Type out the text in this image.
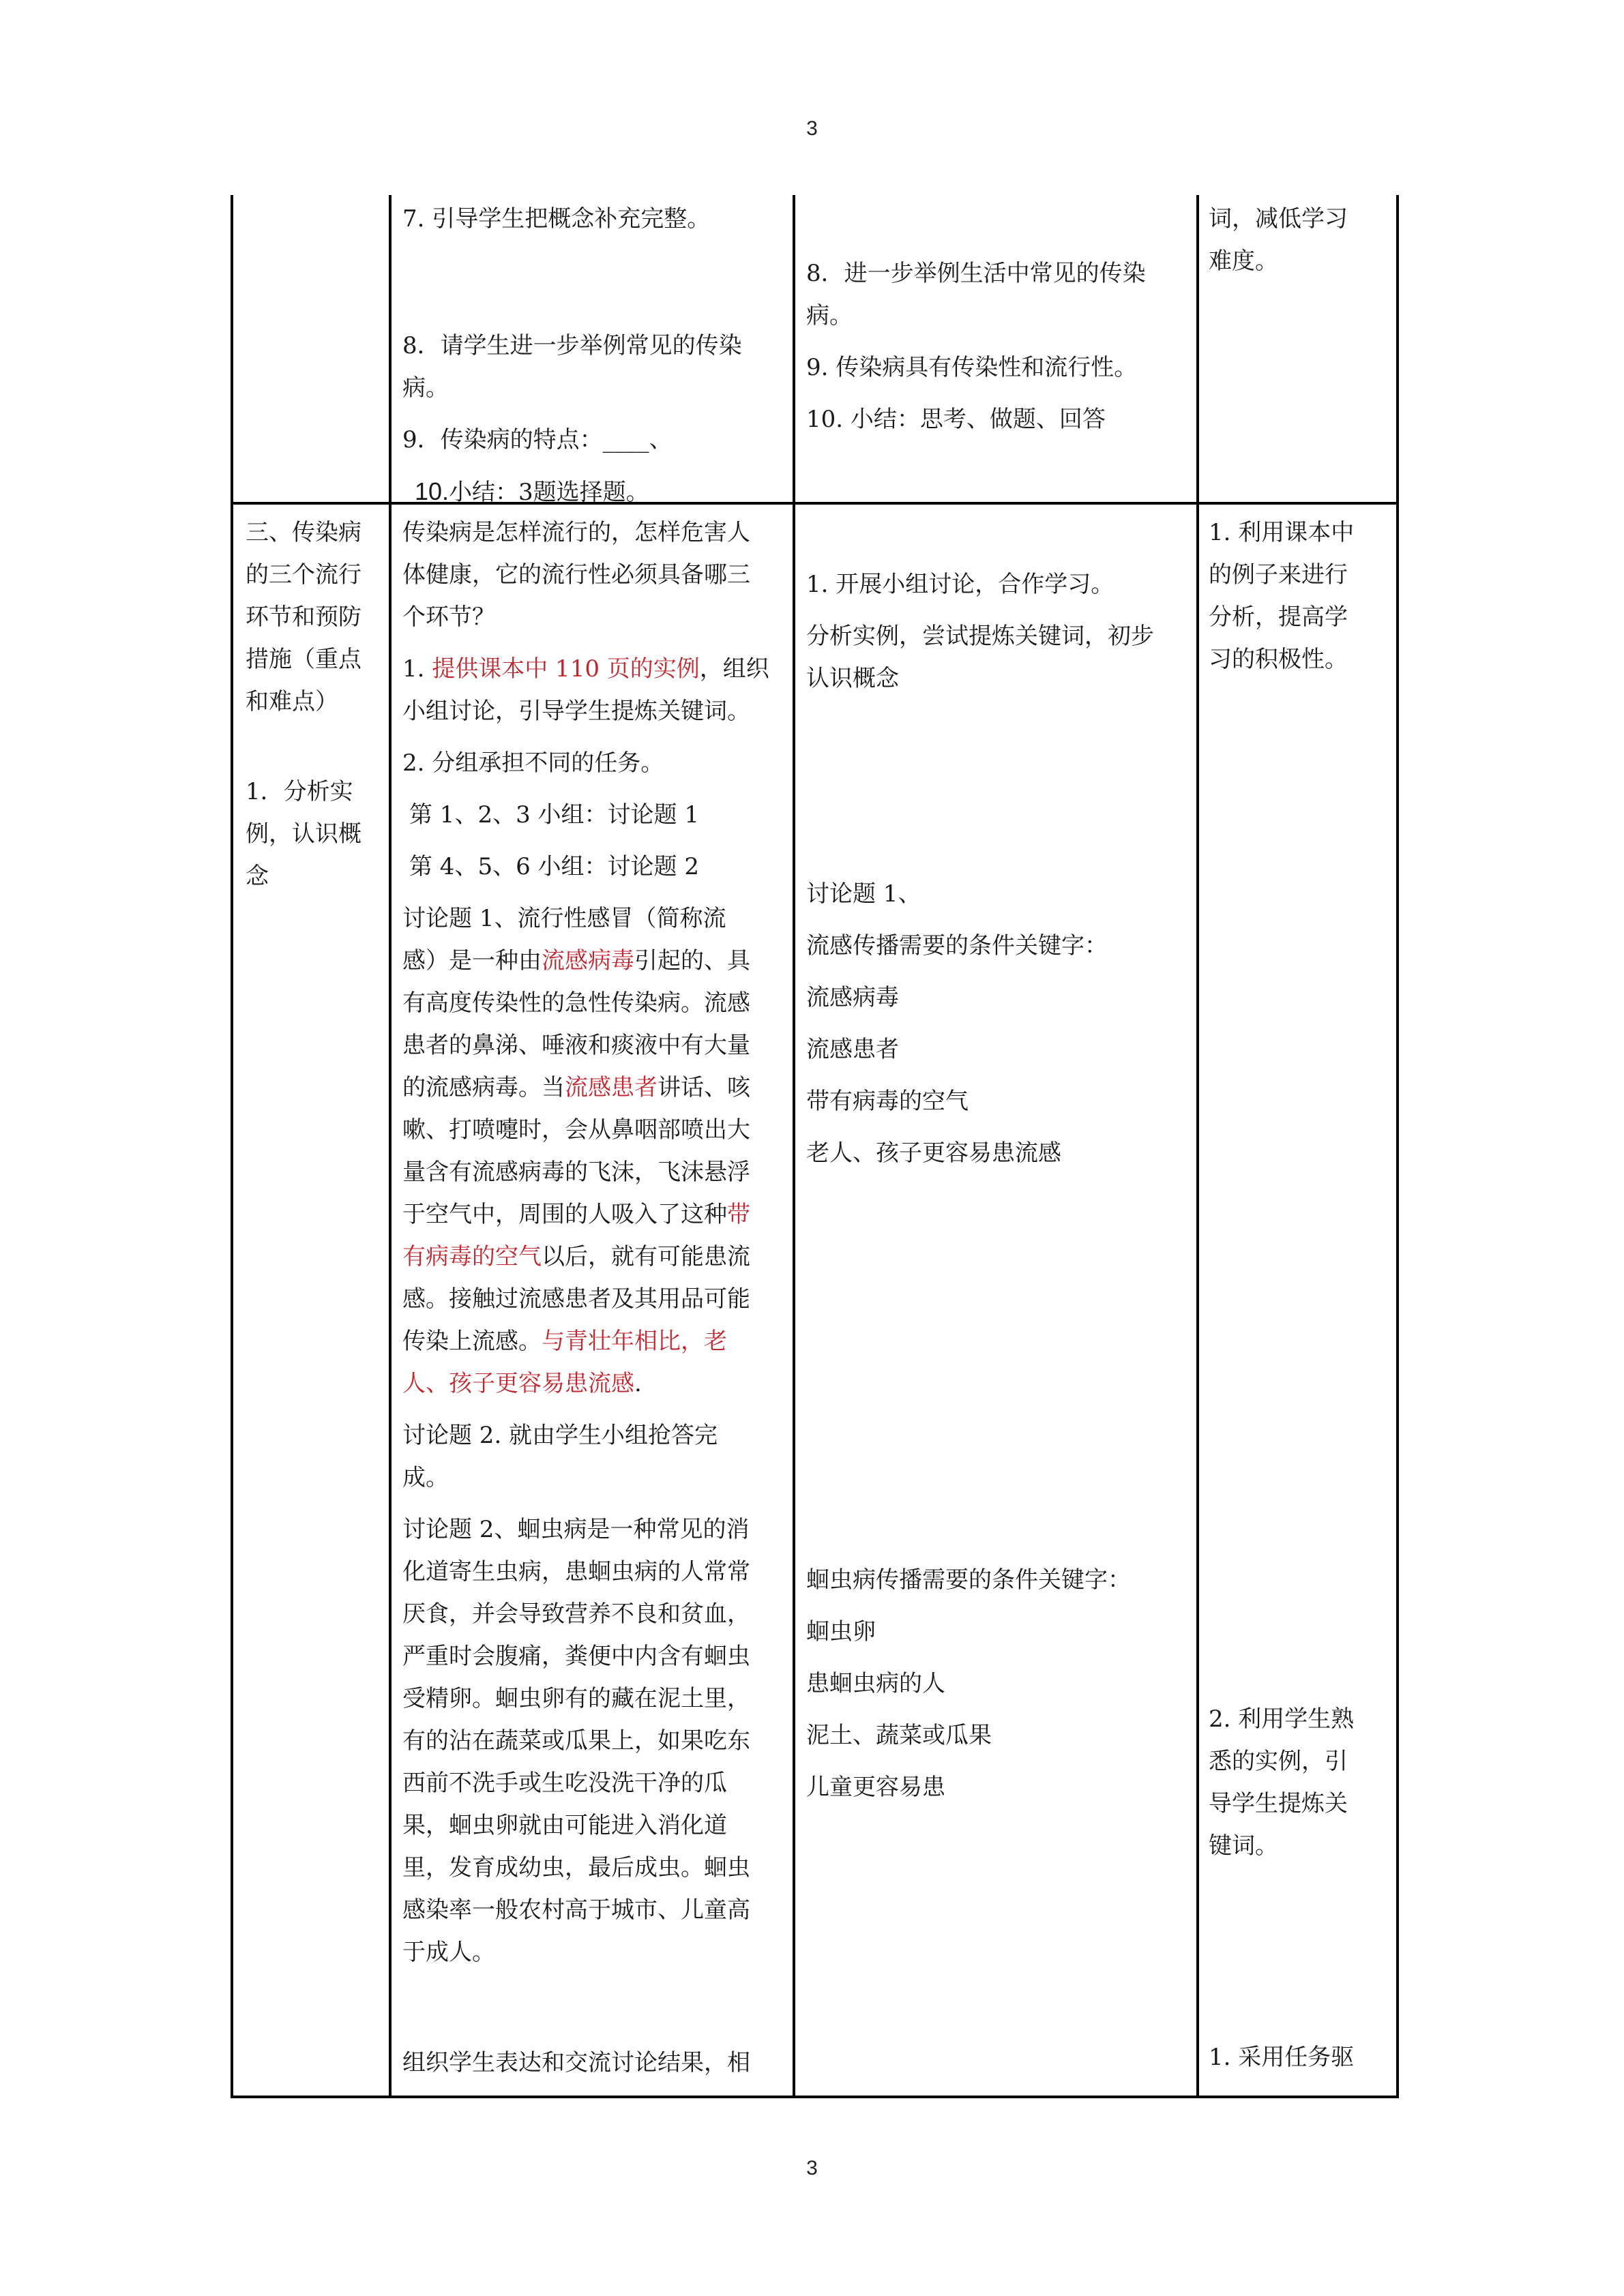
3
3

7. 引导学生把概念补充完整。

8．请学生进一步举例常见的传染

病。

9．传染病的特点：____、

10.小结：3题选择题。

8．进一步举例生活中常见的传染

病。

9. 传染病具有传染性和流行性。

10. 小结：思考、做题、回答

词，减低学习

难度。

三、传染病

的三个流行

环节和预防

措施（重点

和难点）

1．分析实

例，认识概

念

传染病是怎样流行的，怎样危害人

体健康，它的流行性必须具备哪三

个环节？

1. 提供课本中 110 页的实例，组织

小组讨论，引导学生提炼关键词。

2. 分组承担不同的任务。

第 1、2、3 小组：讨论题 1

第 4、5、6 小组：讨论题 2

讨论题 1、流行性感冒（简称流

感）是一种由流感病毒引起的、具

有高度传染性的急性传染病。流感

患者的鼻涕、唾液和痰液中有大量

的流感病毒。当流感患者讲话、咳

嗽、打喷嚏时，会从鼻咽部喷出大

量含有流感病毒的飞沫，飞沫悬浮

于空气中，周围的人吸入了这种带

有病毒的空气以后，就有可能患流

感。接触过流感患者及其用品可能

传染上流感。与青壮年相比，老

人、孩子更容易患流感.

讨论题 2. 就由学生小组抢答完

成。

讨论题 2、蛔虫病是一种常见的消

化道寄生虫病，患蛔虫病的人常常

厌食，并会导致营养不良和贫血，

严重时会腹痛，粪便中内含有蛔虫

受精卵。蛔虫卵有的藏在泥土里，

有的沾在蔬菜或瓜果上，如果吃东

西前不洗手或生吃没洗干净的瓜

果，蛔虫卵就由可能进入消化道

里，发育成幼虫，最后成虫。蛔虫

感染率一般农村高于城市、儿童高

于成人。

组织学生表达和交流讨论结果，相

1. 开展小组讨论，合作学习。

分析实例，尝试提炼关键词，初步

认识概念

讨论题 1、

流感传播需要的条件关键字：

流感病毒

流感患者

带有病毒的空气

老人、孩子更容易患流感

蛔虫病传播需要的条件关键字：

蛔虫卵

患蛔虫病的人

泥土、蔬菜或瓜果

儿童更容易患

1. 利用课本中

的例子来进行

分析，提高学

习的积极性。

2. 利用学生熟

悉的实例，引

导学生提炼关

键词。

1. 采用任务驱
